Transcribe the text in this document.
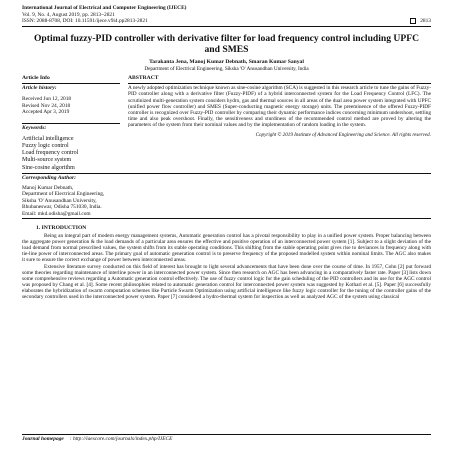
International Journal of Electrical and Computer Engineering (IJECE)
Vol. 9, No. 4, August 2019, pp. 2813~2821
ISSN: 2088-8708, DOI: 10.11591/ijece.v9i4.pp2813-2821	2813
Optimal fuzzy-PID controller with derivative filter for load frequency control including UPFC and SMES
Tarakanta Jena, Manoj Kumar Debnath, Smaran Kumar Sanyal
Department of Electrical Engineering, Siksha 'O' Anusandhan University, India
Article Info
Article history:
Received Jun 12, 2018
Revised Nov 24, 2018
Accepted Apr 3, 2019
Keywords:
Artificial intelligence
Fuzzy logic control
Load frequency control
Multi-source system
Sine-cosine algorithm
ABSTRACT
A newly adopted optimization technique known as sine-cosine algorithm (SCA) is suggested in this research article to tune the gains of Fuzzy-PID controller along with a derivative filter (Fuzzy-PIDF) of a hybrid interconnected system for the Load Frequency Control (LFC). The scrutinized multi-generation system considers hydro, gas and thermal sources in all areas of the dual area power system integrated with UPFC (unified power flow controller) and SMES (Super-conducting magnetic energy storage) units. The preeminence of the offered Fuzzy-PIDF controller is recognized over Fuzzy-PID controller by comparing their dynamic performance indices concerning minimum undershoot, settling time and also peak overshoot. Finally, the sensitiveness and sturdiness of the recommended control method are proved by altering the parameters of the system from their nominal values and by the implementation of random loading in the system.
Copyright © 2019 Institute of Advanced Engineering and Science. All rights reserved.
Corresponding Author:
Manoj Kumar Debnath,
Department of Electrical Engineering,
Siksha 'O' Anusandhan University,
Bhubaneswar, Odisha 751030, India.
Email: mkd.odisha@gmail.com
1. INTRODUCTION

Being an integral part of modern energy management systems, Automatic generation control has a pivotal responsibility to play in a unified power system. Proper balancing between the aggregate power generation & the load demands of a particular area ensures the effective and positive operation of an interconnected power system [1]. Subject to a slight deviation of the load demand from normal prescribed values, the system shifts from its stable operating conditions. This shifting from the stable operating point gives rise to deviances in frequency along with tie-line power of interconnected areas. The primary goal of automatic generation control is to preserve frequency of the proposed modelled system within nominal limits. The AGC also makes it sure to ensure the correct exchange of power between interconnected areas.

Extensive literature survey conducted on this field of interest has brought to light several advancements that have been done over the course of time. In 1957, Cohn [2] put forward some theories regarding maintenance of interline power in an interconnected power system. Since then research on AGC has been advancing in a comparatively faster rate. Paper [3] lists down some comprehensive reviews regarding a Automatic generation control effectively. The use of fuzzy control logic for the gain scheduling of the PID controllers and its use for the AGC control was proposed by Chang et al. [4]. Some recent philosophies related to automatic generation control for interconnected power system was suggested by Kothari et al. [5]. Paper [6] successfully elaborates the hybridization of swarm computation schemes like Particle Swarm Optimization using artificial intelligence like fuzzy logic controller for the tuning of the controller gains of the secondary controllers used in the interconnected power system. Paper [7] considered a hydro-thermal system for inspection as well as analyzed AGC of the system using classical

Journal homepage : http://iaescore.com/journals/index.php/IJECE
